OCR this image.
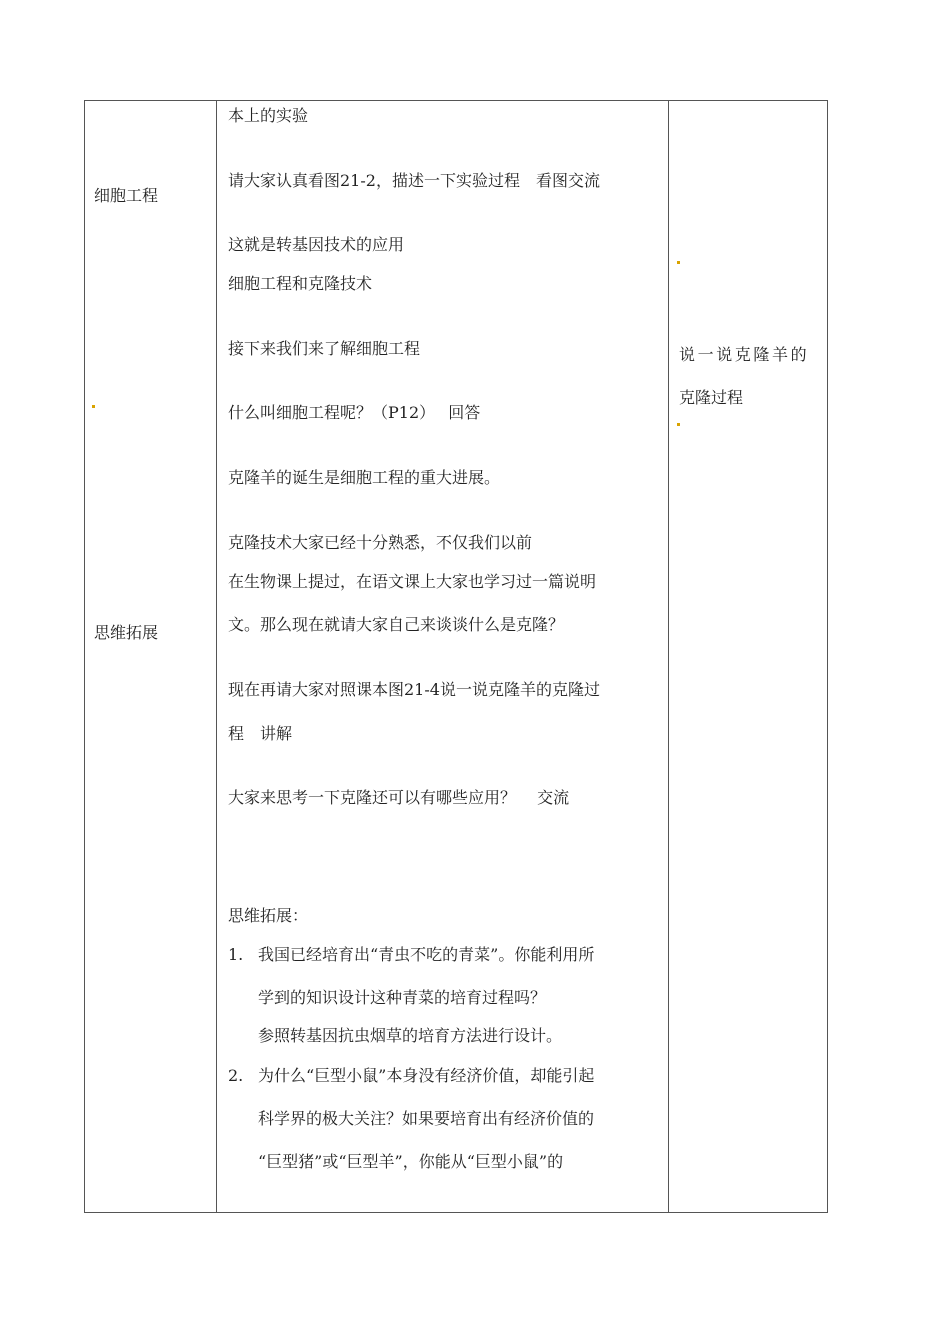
细胞工程
思维拓展
本上的实验
请大家认真看图21-2，描述一下实验过程　看图交流
这就是转基因技术的应用
细胞工程和克隆技术
接下来我们来了解细胞工程
什么叫细胞工程呢？（P12）　 回答
克隆羊的诞生是细胞工程的重大进展。
克隆技术大家已经十分熟悉，不仅我们以前
在生物课上提过，在语文课上大家也学习过一篇说明
文。那么现在就请大家自己来谈谈什么是克隆？
现在再请大家对照课本图21-4说一说克隆羊的克隆过
程　讲解
大家来思考一下克隆还可以有哪些应用？　 交流
思维拓展：
1. 我国已经培育出“青虫不吃的青菜”。你能利用所
学到的知识设计这种青菜的培育过程吗？
参照转基因抗虫烟草的培育方法进行设计。
2. 为什么“巨型小鼠”本身没有经济价值，却能引起
科学界的极大关注？如果要培育出有经济价值的
“巨型猪”或“巨型羊”，你能从“巨型小鼠”的
说一说克隆羊的
克隆过程
